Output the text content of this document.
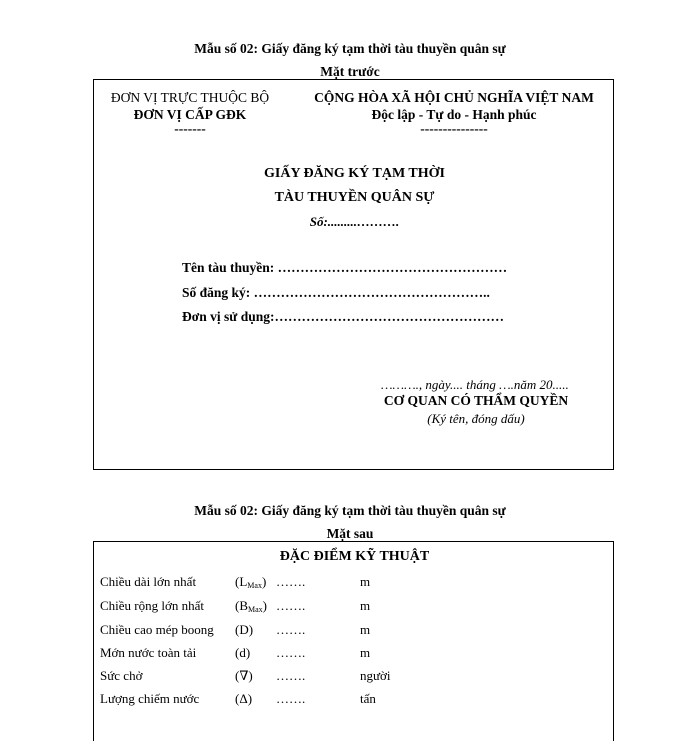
Mẫu số 02: Giấy đăng ký tạm thời tàu thuyền quân sự
Mặt trước
ĐƠN VỊ TRỰC THUỘC BỘ
ĐƠN VỊ CẤP GĐK
-------
CỘNG HÒA XÃ HỘI CHỦ NGHĨA VIỆT NAM
Độc lập - Tự do - Hạnh phúc
---------------
GIẤY ĐĂNG KÝ TẠM THỜI
TÀU THUYỀN QUÂN SỰ
Số:.........……….
Tên tàu thuyền: ……………………………………………
Số đăng ký: ……………………………………………..
Đơn vị sử dụng:……………………………………………
………., ngày.... tháng ….năm 20.....
CƠ QUAN CÓ THẨM QUYỀN
(Ký tên, đóng dấu)
Mẫu số 02: Giấy đăng ký tạm thời tàu thuyền quân sự
Mặt sau
ĐẶC ĐIỂM KỸ THUẬT
Chiều dài lớn nhất	$(L_{Max})$ …….	m
Chiều rộng lớn nhất $(B_{Max})$ …….	m
Chiều cao mép boong (D) …….	m
Mớn nước toàn tải	(d) …….	m
Sức chở	(∇) …….	người
Lượng chiếm nước	(Δ) …….	tấn
